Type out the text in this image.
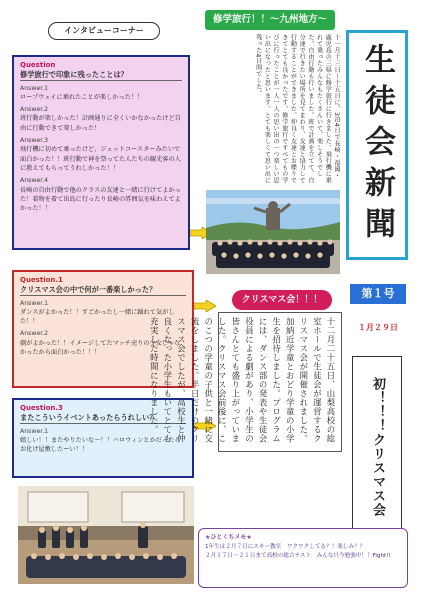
インタビューコーナー
Question
修学旅行で印象に残ったことは？
Answer.1
ロープウェイに乗れたことが楽しかった！！
Answer.2
班行動が楽しかった！計画通りに全くいかなかったけど自由に行動できて楽しかった！
Answer.3
飛行機に初めて乗ったけど、ジェットコースターみたいで面白かった！！班行動で神を祭ってた人たちの観光客の人に教えてもらってうれしかった！！
Answer.4
長崎の自由行動で他のクラスの友達と一緒に行けてよかった！着物を着て出島に行ったり長崎の雰囲気を味わえてよかった！！
Question.1
クリスマス会の中で何が一番楽しかった？
Answer.1
ダンスがよかった！！すごかったし一緒に踊れて気がした！！
Answer.2
劇がよかった！！イメージしてたマッチ売りの少女じゃなかったから面白かった！！！
Question.3
またこういうイベントあったらうれしい？
Answer.1
嬉しい！！またやりたいな～！！ハロウィンとかだったらお化け屋敷したーい！！
修学旅行！！～九州地方～
十一月十三日～十五日に、3泊4日で長崎・福岡・鹿児島の三県に修学旅行に行きました。飛行機に乗れて乗ったみんなもたくさんいて、楽しそうでした。自由行動も行いました。班で計画を立てて、自分達で行きたい場所を見てまわり、友達と協力して行動することができました。仲良く友達とお喋りできてとても良かったです。修学旅行ですべてもの学びに行ったことが一人一人の思い出の一つ楽しい思い出になったと思います。とても楽しくて思い出に残った4日間でした。
クリスマス会！！！
十二月二十五日、山梨高校の総室ホールで生徒会が運営するクリスマス会が開催されました。加納近学童とおどり学童の小学生を招待しました。プログラムには、ダンス部の発表や生徒会役員による劇があり、小学生の皆さんとても盛り上がっていました。クリスマス会前後に、このこつの学童の子供と一緒に交流をしました。半日だけのクリスマス会でしたが、高校生と仲良くなった小学生もいてとても充実した時間になりました。
生徒会新聞
第１号
１月２９日
初！！！クリスマス会
★ひとくちメモ★
1年生は２月７日にスキー教室　ワクワクしてる？！楽しみ？？
２月１７日～２１日まで高校の総合テスト　みんな只今勉強中！！Fight!!
